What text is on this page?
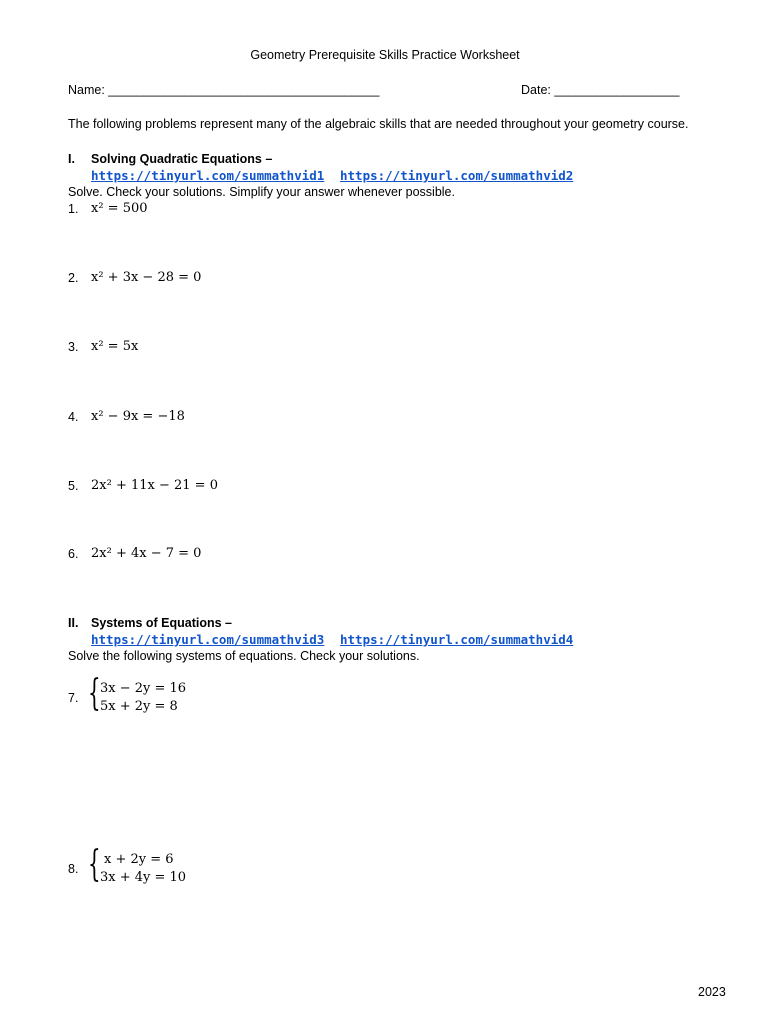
Geometry Prerequisite Skills Practice Worksheet
Name: _______________________________________	Date: __________________
The following problems represent many of the algebraic skills that are needed throughout your geometry course.
I. Solving Quadratic Equations –
https://tinyurl.com/summathvid1 https://tinyurl.com/summathvid2
Solve. Check your solutions. Simplify your answer whenever possible.
1. x² = 500
2. x² + 3x − 28 = 0
3. x² = 5x
4. x² − 9x = −18
5. 2x² + 11x − 21 = 0
6. 2x² + 4x − 7 = 0
II. Systems of Equations –
https://tinyurl.com/summathvid3 https://tinyurl.com/summathvid4
Solve the following systems of equations. Check your solutions.
7. { 3x − 2y = 16
5x + 2y = 8
8. { x + 2y = 6
3x + 4y = 10
2023
